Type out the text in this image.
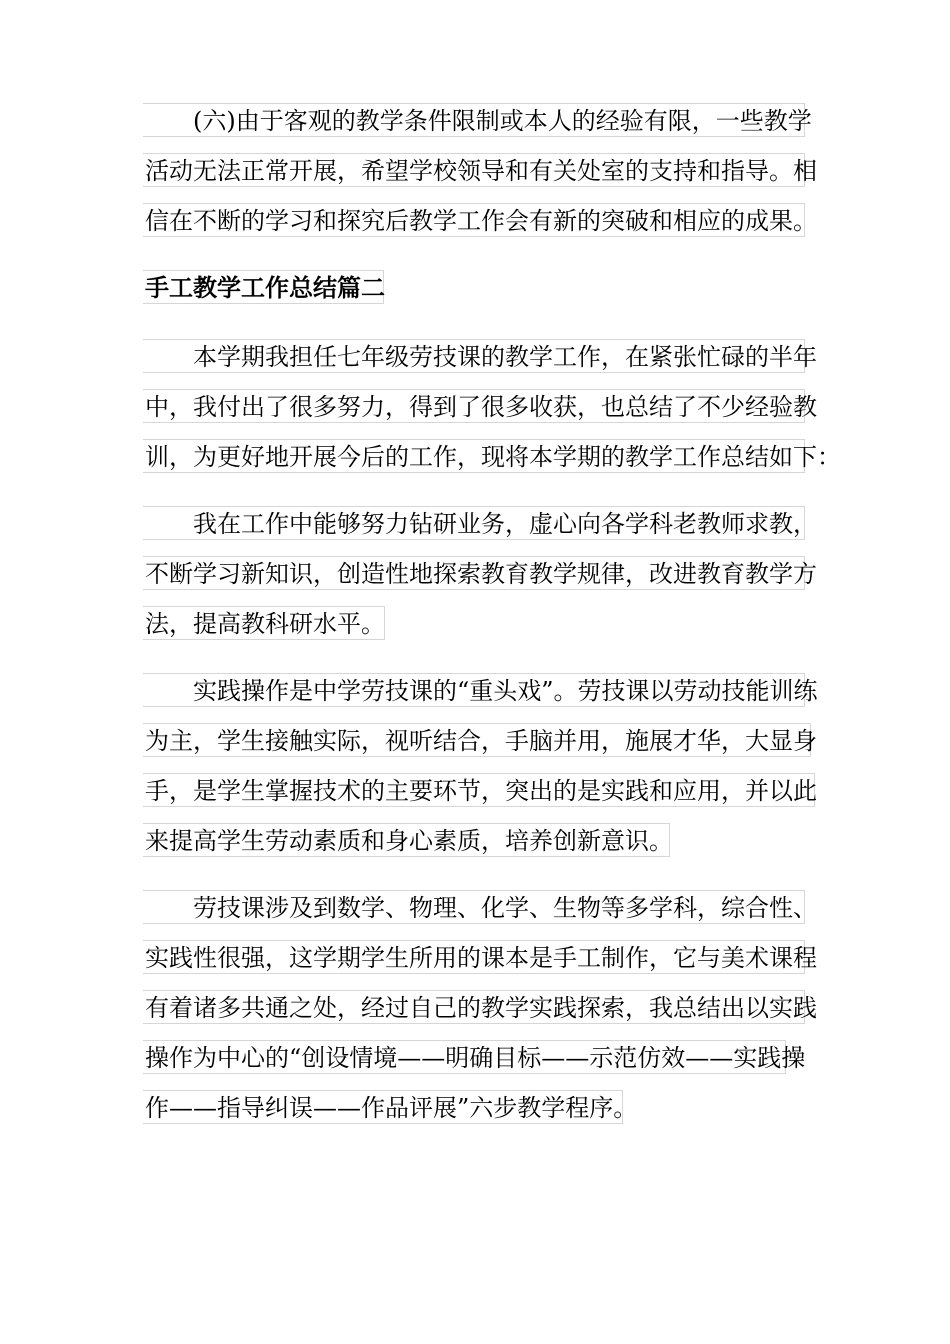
(六)由于客观的教学条件限制或本人的经验有限，一些教学
活动无法正常开展，希望学校领导和有关处室的支持和指导。相
信在不断的学习和探究后教学工作会有新的突破和相应的成果。
手工教学工作总结篇二
本学期我担任七年级劳技课的教学工作，在紧张忙碌的半年
中，我付出了很多努力，得到了很多收获，也总结了不少经验教
训，为更好地开展今后的工作，现将本学期的教学工作总结如下：
我在工作中能够努力钻研业务，虚心向各学科老教师求教，
不断学习新知识，创造性地探索教育教学规律，改进教育教学方
法，提高教科研水平。
实践操作是中学劳技课的“重头戏”。劳技课以劳动技能训练
为主，学生接触实际，视听结合，手脑并用，施展才华，大显身
手，是学生掌握技术的主要环节，突出的是实践和应用，并以此
来提高学生劳动素质和身心素质，培养创新意识。
劳技课涉及到数学、物理、化学、生物等多学科，综合性、
实践性很强，这学期学生所用的课本是手工制作，它与美术课程
有着诸多共通之处，经过自己的教学实践探索，我总结出以实践
操作为中心的“创设情境——明确目标——示范仿效——实践操
作——指导纠误——作品评展”六步教学程序。
